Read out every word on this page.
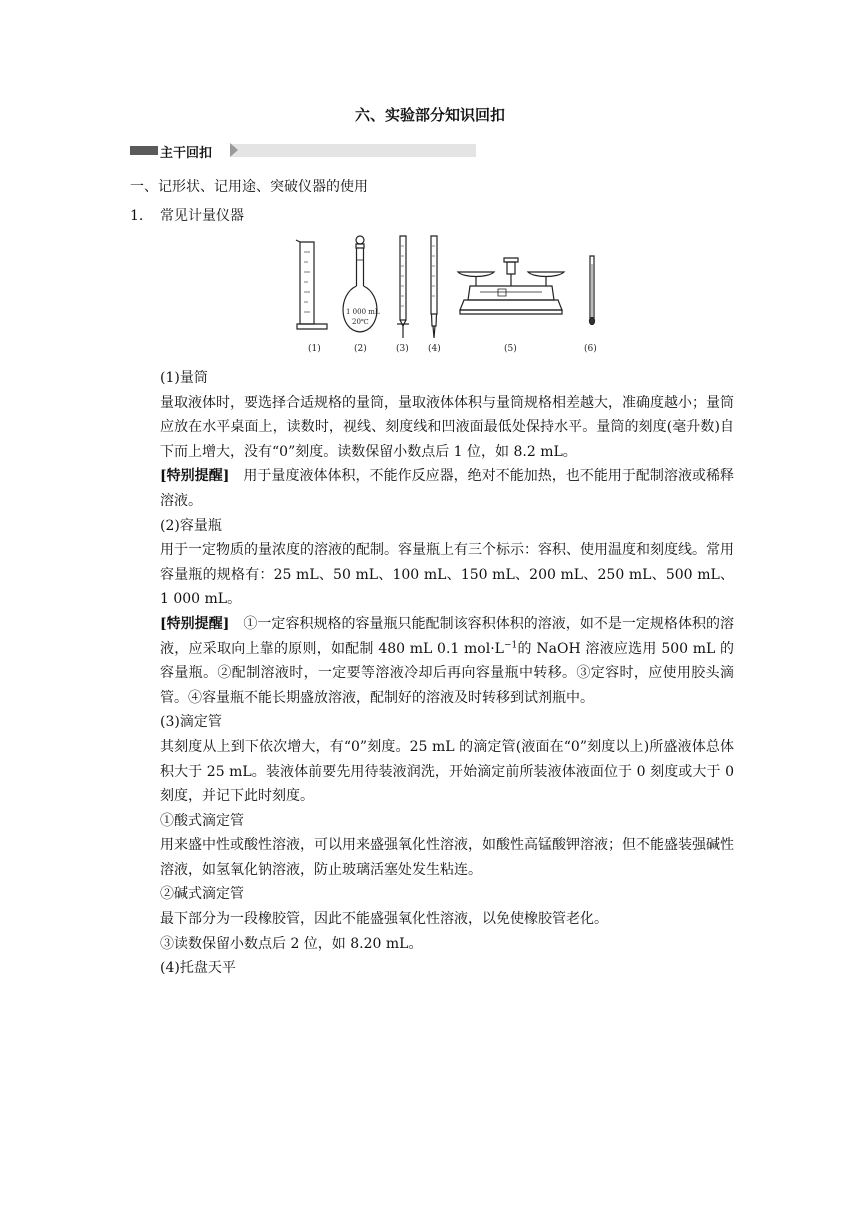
六、实验部分知识回扣
主干回扣
一、记形状、记用途、突破仪器的使用
1． 常见计量仪器
1 000 mL
20℃
(1)	(2)	(3) (4)	(5)	(6)

(1)量筒

量取液体时，要选择合适规格的量筒，量取液体体积与量筒规格相差越大，准确度越小；量筒应放在水平桌面上，读数时，视线、刻度线和凹液面最低处保持水平。量筒的刻度(毫升数)自下而上增大，没有“0”刻度。读数保留小数点后 1 位，如 8.2 mL。

[特别提醒]　 用于量度液体体积，不能作反应器，绝对不能加热，也不能用于配制溶液或稀释溶液。

(2)容量瓶

用于一定物质的量浓度的溶液的配制。容量瓶上有三个标示：容积、使用温度和刻度线。常用容量瓶的规格有：25 mL、50 mL、100 mL、150 mL、200 mL、250 mL、500 mL、1 000 mL。

[特别提醒]　 ①一定容积规格的容量瓶只能配制该容积体积的溶液，如不是一定规格体积的溶液，应采取向上靠的原则，如配制 480 mL 0.1 $mol\cdot L^{-1}$的 NaOH 溶液应选用 500 mL 的容量瓶。②配制溶液时，一定要等溶液冷却后再向容量瓶中转移。③定容时，应使用胶头滴管。④容量瓶不能长期盛放溶液，配制好的溶液及时转移到试剂瓶中。

(3)滴定管

其刻度从上到下依次增大，有“0”刻度。25 mL 的滴定管(液面在“0”刻度以上)所盛液体总体积大于 25 mL。装液体前要先用待装液润洗，开始滴定前所装液体液面位于 0 刻度或大于 0 刻度，并记下此时刻度。

①酸式滴定管

用来盛中性或酸性溶液，可以用来盛强氧化性溶液，如酸性高锰酸钾溶液；但不能盛装强碱性溶液，如氢氧化钠溶液，防止玻璃活塞处发生粘连。

②碱式滴定管

最下部分为一段橡胶管，因此不能盛强氧化性溶液，以免使橡胶管老化。

③读数保留小数点后 2 位，如 8.20 mL。

(4)托盘天平
